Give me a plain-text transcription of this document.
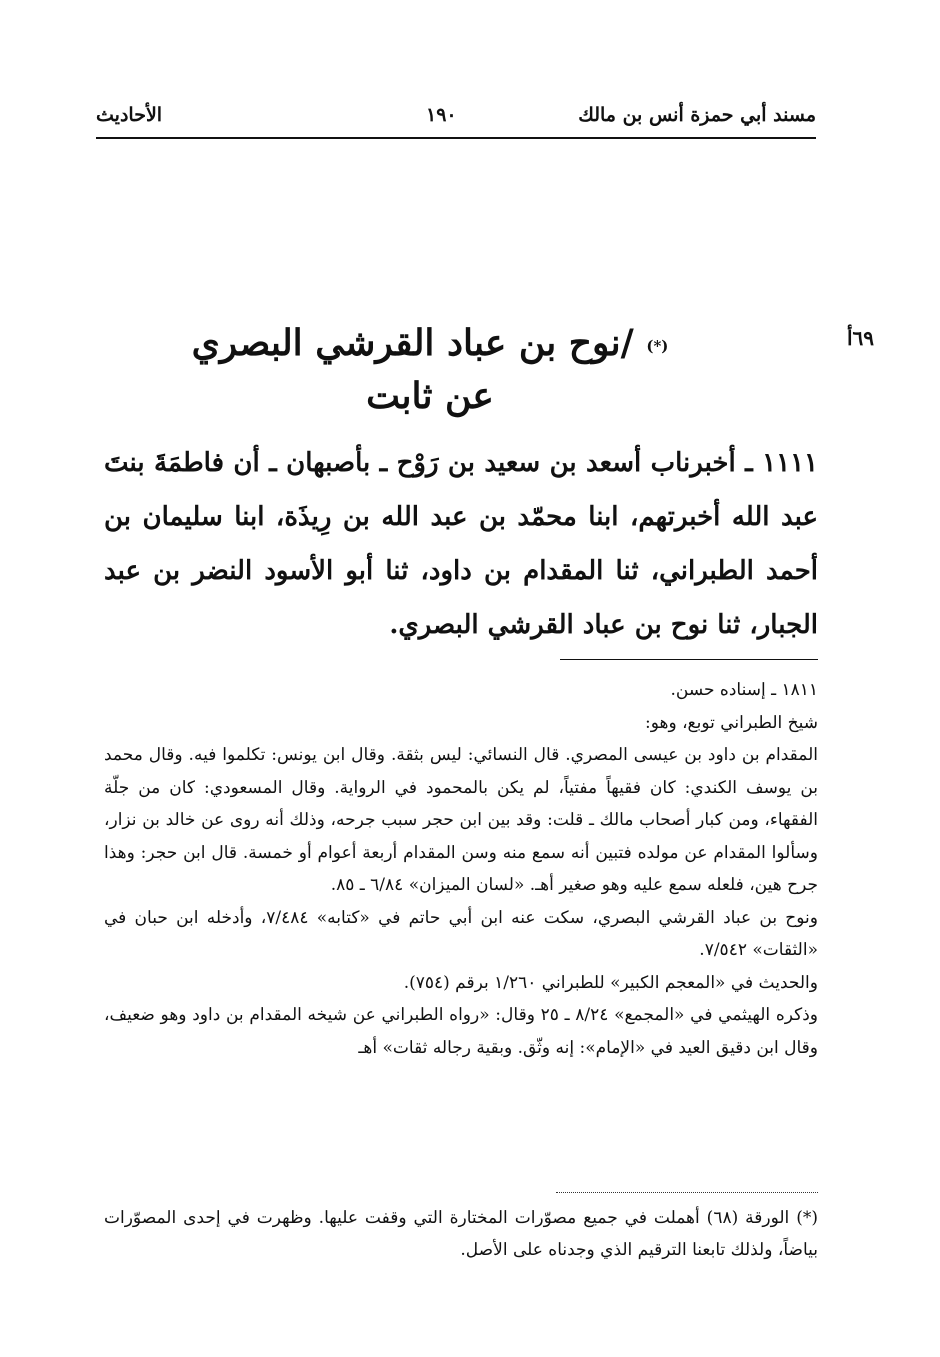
مسند أبي حمزة أنس بن مالك
١٩٠
الأحاديث
٦٩أ
(*) /نوح بن عباد القرشي البصري
عن ثابت

١١١١ ـ أخبرناب أسعد بن سعيد بن رَوْح ـ بأصبهان ـ أن فاطمَةَ بنتَ عبد الله أخبرتهم، ابنا محمّد بن عبد الله بن رِيذَة، ابنا سليمان بن أحمد الطبراني، ثنا المقدام بن داود، ثنا أبو الأسود النضر بن عبد الجبار، ثنا نوح بن عباد القرشي البصري.

١٨١١ ـ إسناده حسن.

شيخ الطبراني توبع، وهو:

المقدام بن داود بن عيسى المصري. قال النسائي: ليس بثقة. وقال ابن يونس: تكلموا فيه. وقال محمد بن يوسف الكندي: كان فقيهاً مفتياً، لم يكن بالمحمود في الرواية. وقال المسعودي: كان من جلّة الفقهاء، ومن كبار أصحاب مالك ـ قلت: وقد بين ابن حجر سبب جرحه، وذلك أنه روى عن خالد بن نزار، وسألوا المقدام عن مولده فتبين أنه سمع منه وسن المقدام أربعة أعوام أو خمسة. قال ابن حجر: وهذا جرح هين، فلعله سمع عليه وهو صغير أهـ. «لسان الميزان» ٦/٨٤ ـ ٨٥.

ونوح بن عباد القرشي البصري، سكت عنه ابن أبي حاتم في «كتابه» ٧/٤٨٤، وأدخله ابن حبان في «الثقات» ٧/٥٤٢.

والحديث في «المعجم الكبير» للطبراني ١/٢٦٠ برقم (٧٥٤).

وذكره الهيثمي في «المجمع» ٨/٢٤ ـ ٢٥ وقال: «رواه الطبراني عن شيخه المقدام بن داود وهو ضعيف، وقال ابن دقيق العيد في «الإمام»: إنه وثّق. وبقية رجاله ثقات» أهـ

(*) الورقة (٦٨) أهملت في جميع مصوّرات المختارة التي وقفت عليها. وظهرت في إحدى المصوّرات بياضاً، ولذلك تابعنا الترقيم الذي وجدناه على الأصل.
